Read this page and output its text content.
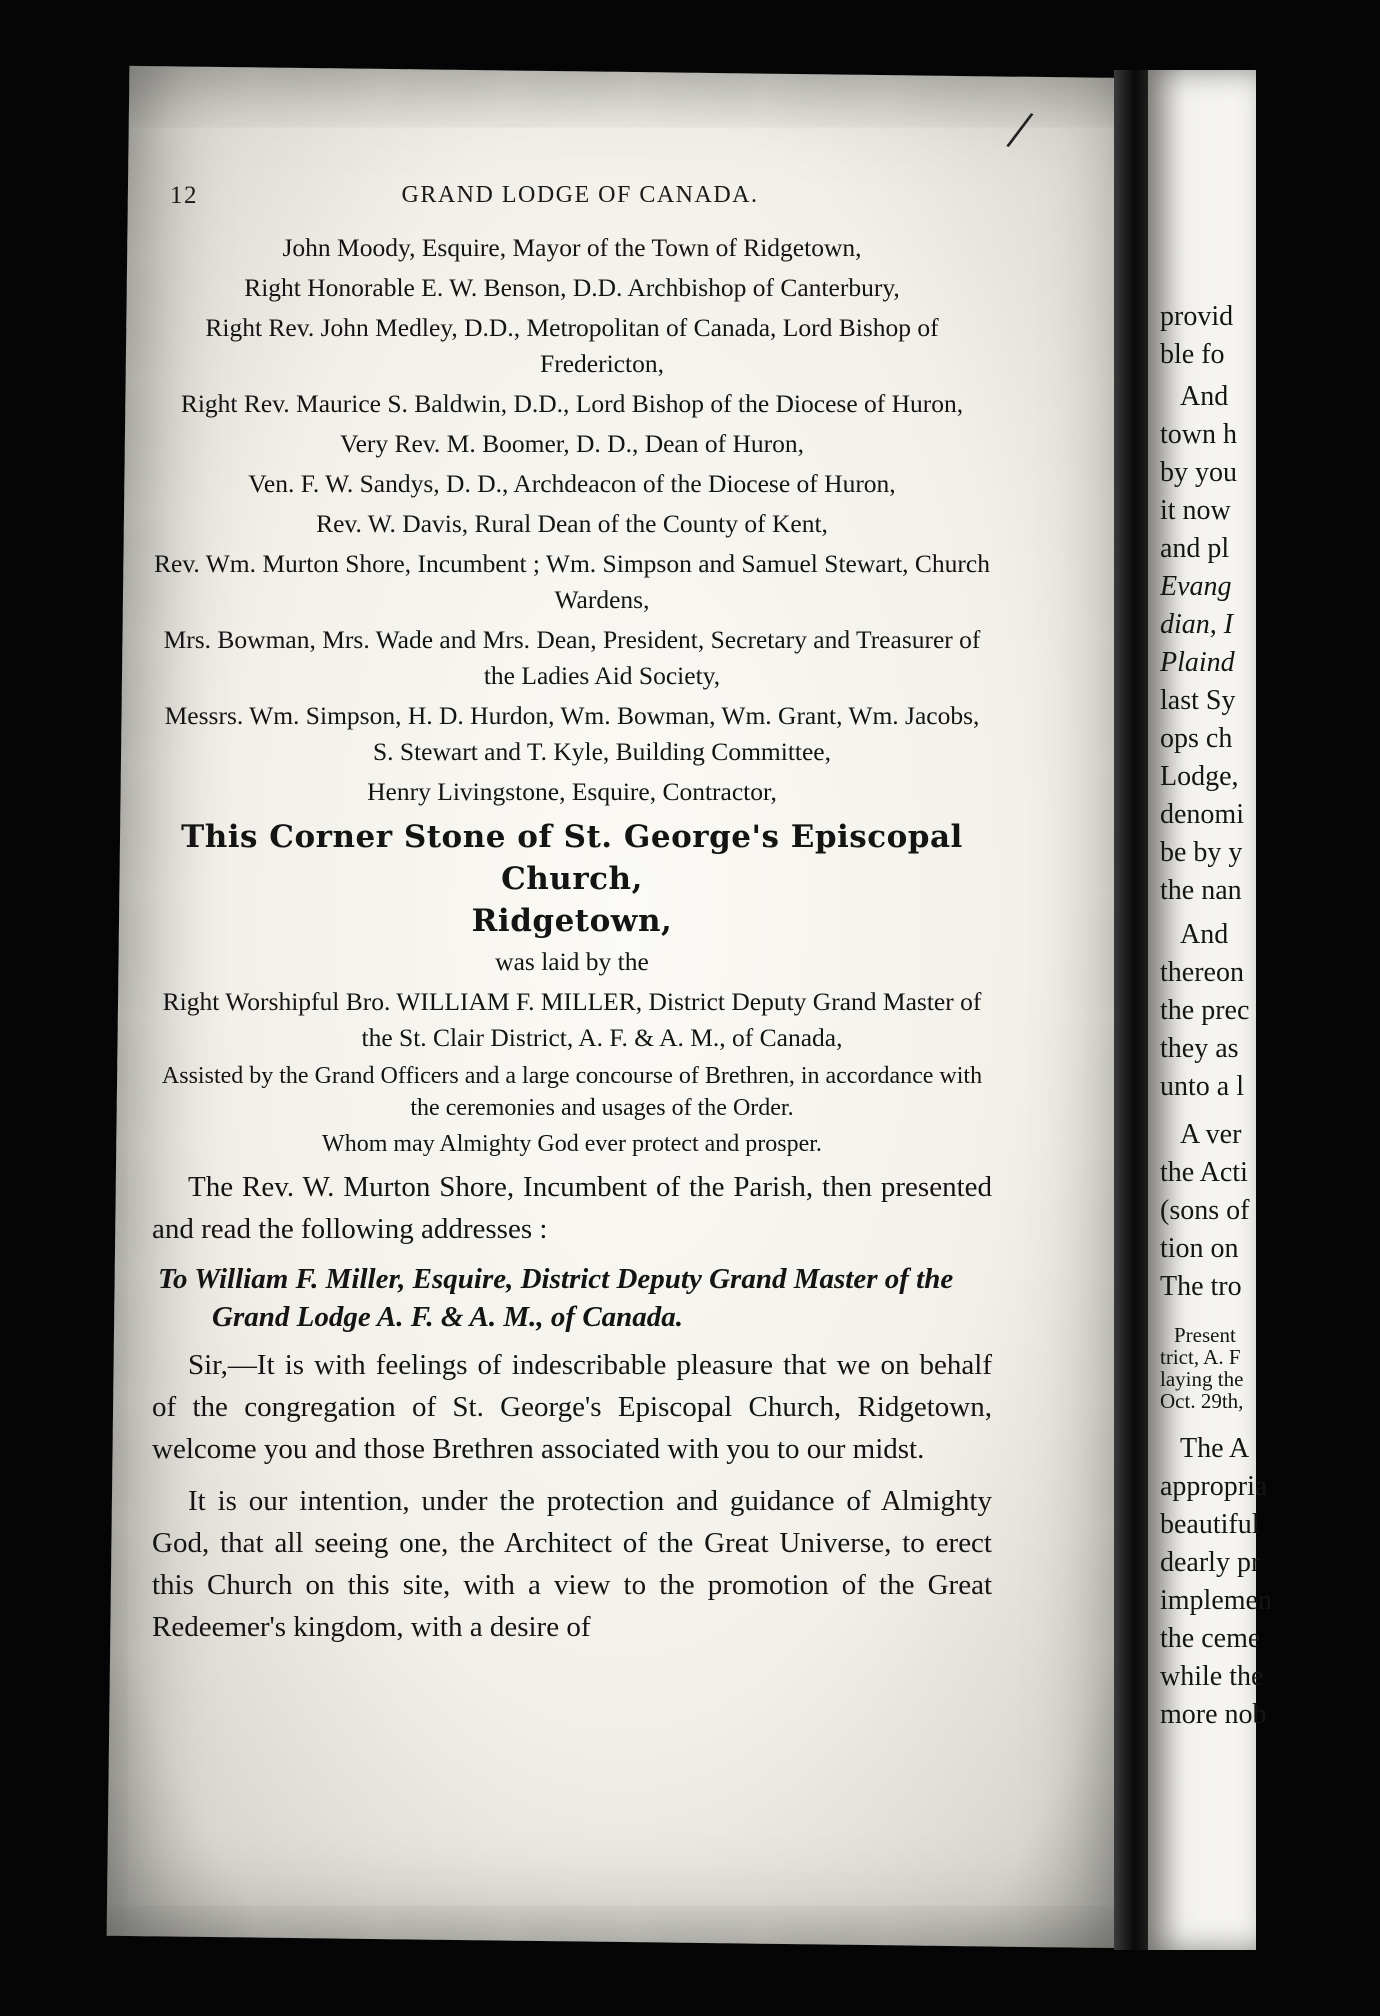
provid
ble fo
And
town h
by you
it now
and pl
Evang
dian, I
Plaind
last Sy
ops ch
Lodge,
denomi
be by y
the nan
And
thereon
the prec
they as
unto a l
A ver
the Acti
(sons of
tion on
The tro
Present
trict, A. F
laying the
Oct. 29th,
The A
appropria
beautiful
dearly pr
implemen
the ceme
while the
more nob
12	GRAND LODGE OF CANADA.

John Moody, Esquire, Mayor of the Town of Ridgetown,

Right Honorable E. W. Benson, D.D. Archbishop of Canterbury,

Right Rev. John Medley, D.D., Metropolitan of Canada, Lord Bishop of Fredericton,

Right Rev. Maurice S. Baldwin, D.D., Lord Bishop of the Diocese of Huron,

Very Rev. M. Boomer, D. D., Dean of Huron,

Ven. F. W. Sandys, D. D., Archdeacon of the Diocese of Huron,

Rev. W. Davis, Rural Dean of the County of Kent,

Rev. Wm. Murton Shore, Incumbent ; Wm. Simpson and Samuel Stewart, Church Wardens,

Mrs. Bowman, Mrs. Wade and Mrs. Dean, President, Secretary and Treasurer of the Ladies Aid Society,

Messrs. Wm. Simpson, H. D. Hurdon, Wm. Bowman, Wm. Grant, Wm. Jacobs, S. Stewart and T. Kyle, Building Committee,

Henry Livingstone, Esquire, Contractor,

This Corner Stone of St. George's Episcopal Church,
Ridgetown,

was laid by the

Right Worshipful Bro. WILLIAM F. MILLER, District Deputy Grand Master of the St. Clair District, A. F. & A. M., of Canada,

Assisted by the Grand Officers and a large concourse of Brethren, in accordance with the ceremonies and usages of the Order.

Whom may Almighty God ever protect and prosper.

The Rev. W. Murton Shore, Incumbent of the Parish, then presented and read the following addresses :

To William F. Miller, Esquire, District Deputy Grand Master of the Grand Lodge A. F. & A. M., of Canada.

Sir,—It is with feelings of indescribable pleasure that we on behalf of the congregation of St. George's Episcopal Church, Ridgetown, welcome you and those Brethren associated with you to our midst.

It is our intention, under the protection and guidance of Almighty God, that all seeing one, the Architect of the Great Universe, to erect this Church on this site, with a view to the promotion of the Great Redeemer's kingdom, with a desire of

/
